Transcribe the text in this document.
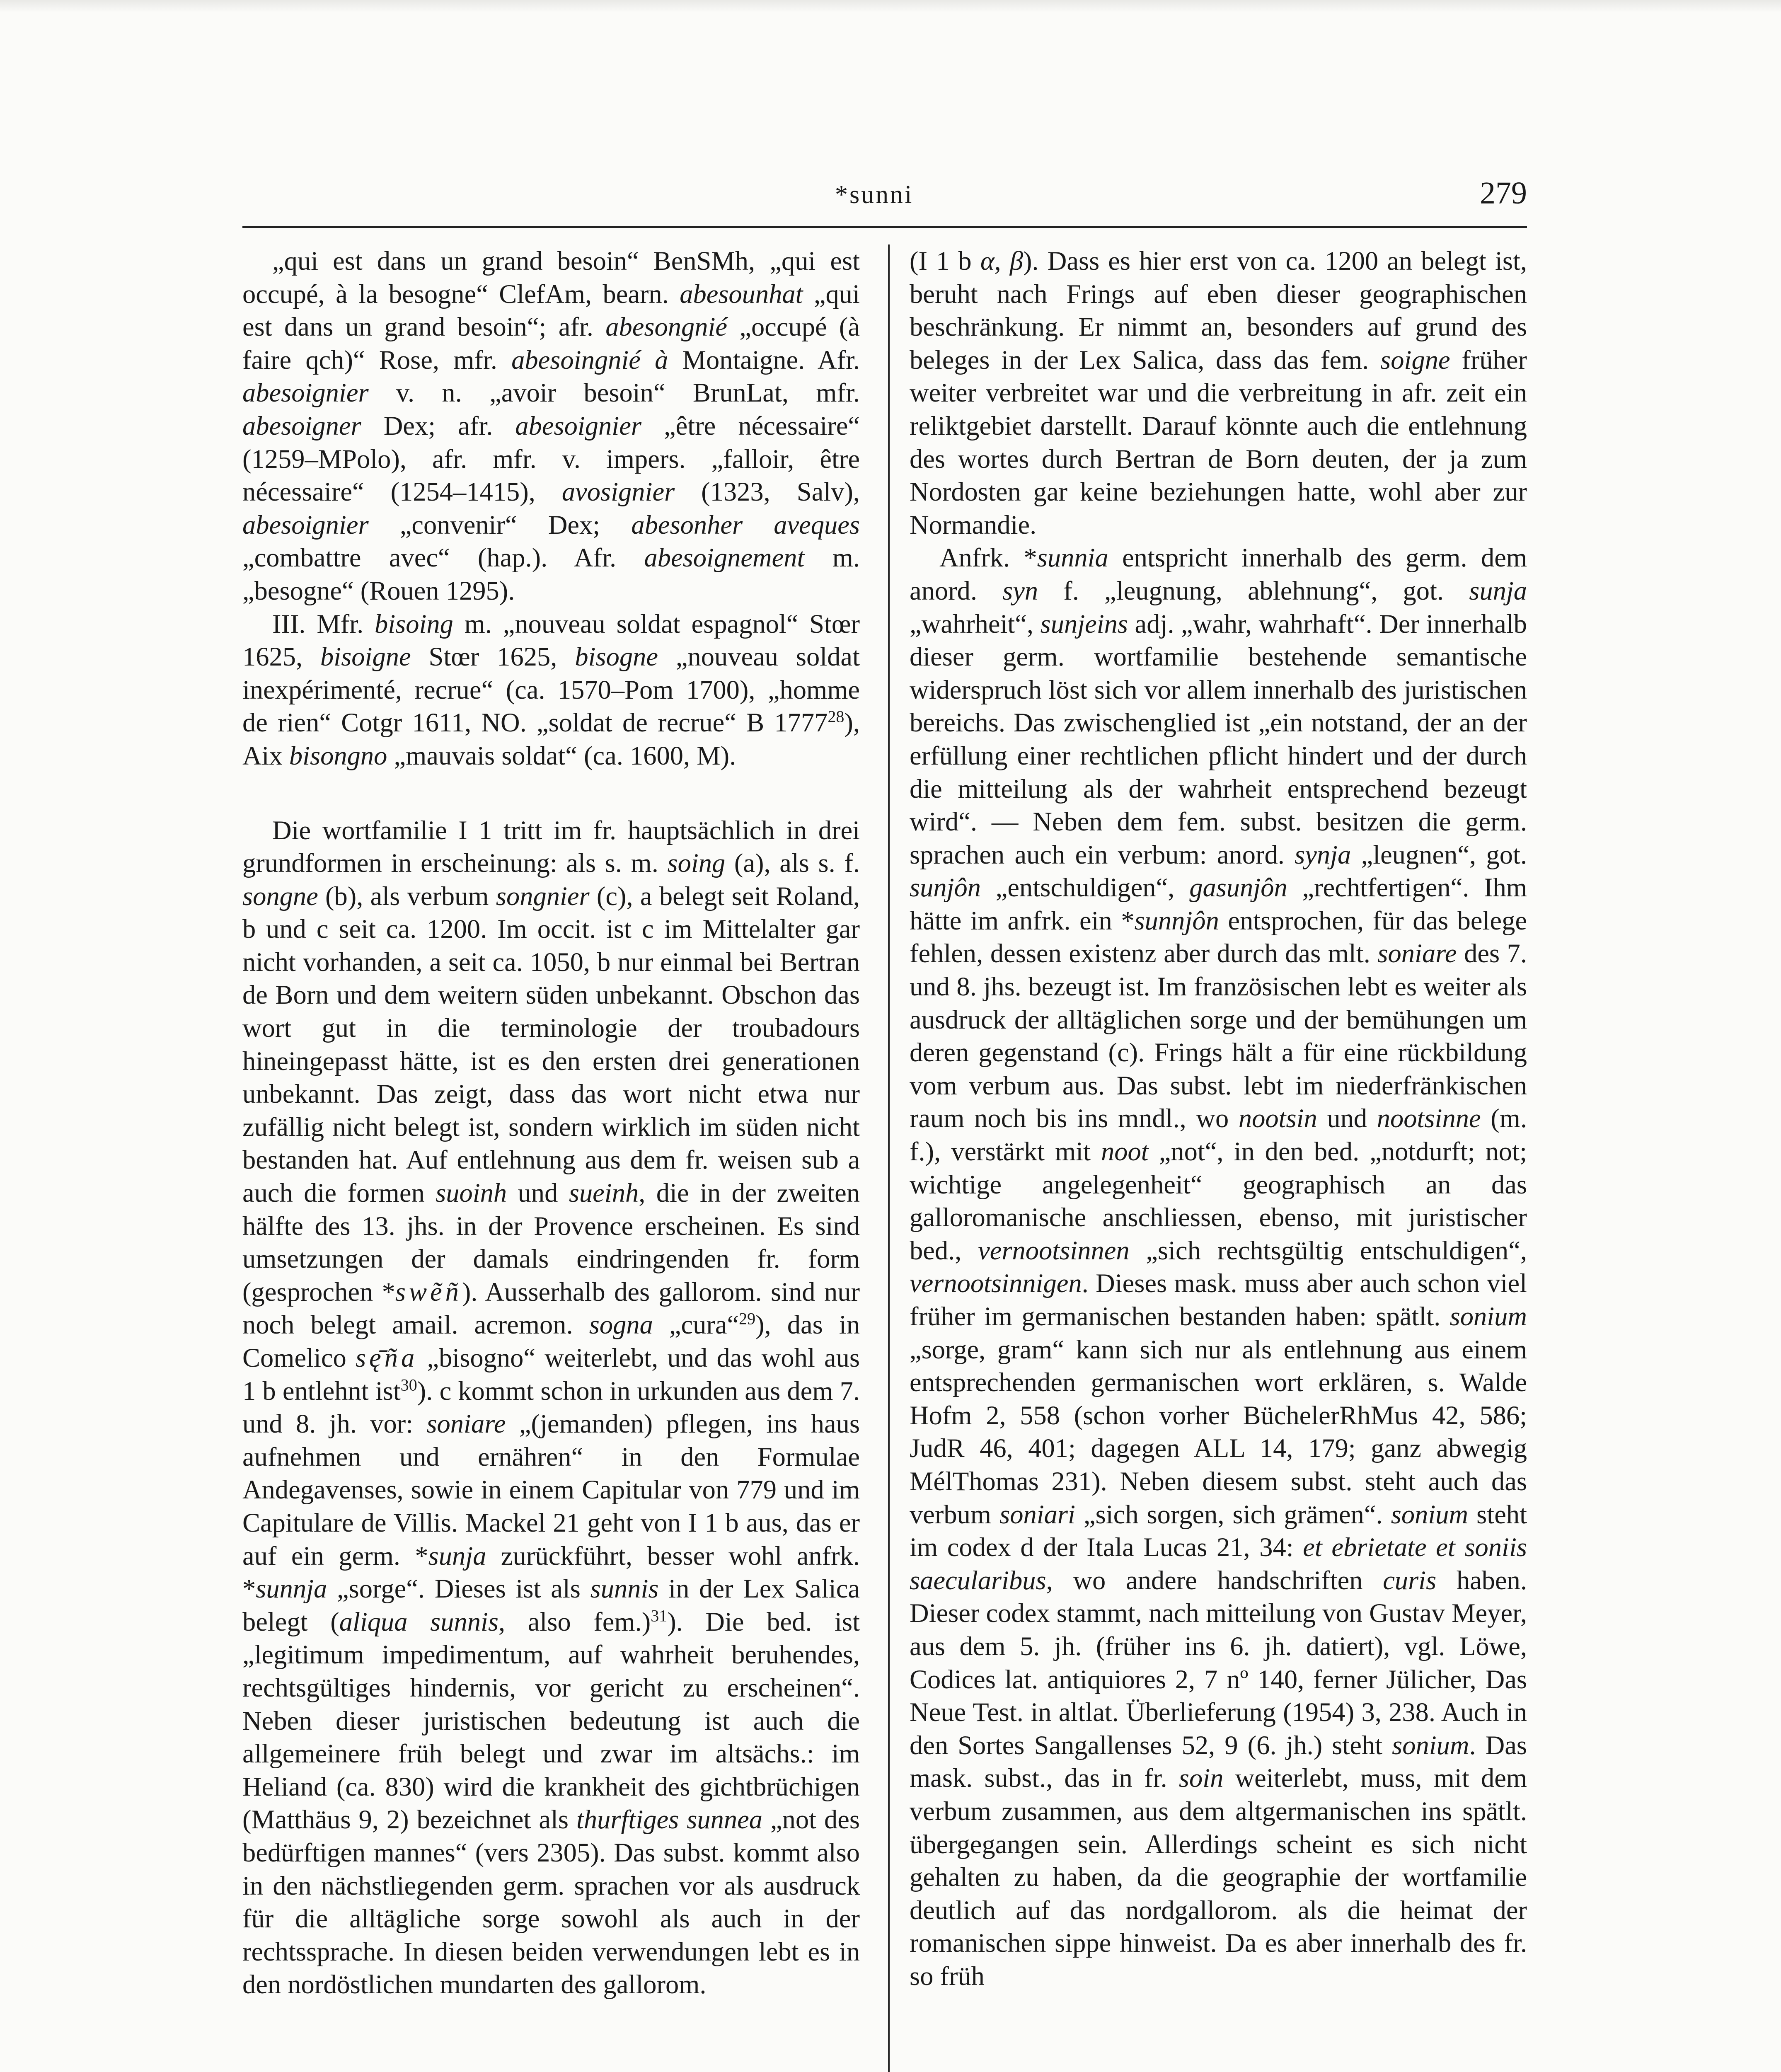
*sunni	279

„qui est dans un grand besoin“ BenSMh, „qui est occupé, à la besogne“ ClefAm, bearn. abesounhat „qui est dans un grand besoin“; afr. abesongnié „occupé (à faire qch)“ Rose, mfr. abesoingnié à Montaigne. Afr. abesoignier v. n. „avoir besoin“ BrunLat, mfr. abesoigner Dex; afr. abesoignier „être nécessaire“ (1259–MPolo), afr. mfr. v. impers. „falloir, être nécessaire“ (1254–1415), avosignier (1323, Salv), abesoignier „convenir“ Dex; abesonher aveques „combattre avec“ (hap.). Afr. abesoignement m. „besogne“ (Rouen 1295).

III. Mfr. bisoing m. „nouveau soldat espagnol“ Stœr 1625, bisoigne Stœr 1625, bisogne „nouveau soldat inexpérimenté, recrue“ (ca. 1570–Pom 1700), „homme de rien“ Cotgr 1611, NO. „soldat de recrue“ B 1777$^{28}$), Aix bisongno „mauvais soldat“ (ca. 1600, M).

Die wortfamilie I 1 tritt im fr. hauptsächlich in drei grundformen in erscheinung: als s. m. soing (a), als s. f. songne (b), als verbum songnier (c), a belegt seit Roland, b und c seit ca. 1200. Im occit. ist c im Mittelalter gar nicht vorhanden, a seit ca. 1050, b nur einmal bei Bertran de Born und dem weitern süden unbekannt. Obschon das wort gut in die terminologie der troubadours hineingepasst hätte, ist es den ersten drei generationen unbekannt. Das zeigt, dass das wort nicht etwa nur zufällig nicht belegt ist, sondern wirklich im süden nicht bestanden hat. Auf entlehnung aus dem fr. weisen sub a auch die formen suoinh und sueinh, die in der zweiten hälfte des 13. jhs. in der Provence erscheinen. Es sind umsetzungen der damals eindringenden fr. form (gesprochen *swẽñ). Ausserhalb des gallorom. sind nur noch belegt amail. acremon. sogna „cura“$^{29}$), das in Comelico sę̄ña „bisogno“ weiterlebt, und das wohl aus 1 b entlehnt ist$^{30}$). c kommt schon in urkunden aus dem 7. und 8. jh. vor: soniare „(jemanden) pflegen, ins haus aufnehmen und ernähren“ in den Formulae Andegavenses, sowie in einem Capitular von 779 und im Capitulare de Villis. Mackel 21 geht von I 1 b aus, das er auf ein germ. *sunja zurückführt, besser wohl anfrk. *sunnja „sorge“. Dieses ist als sunnis in der Lex Salica belegt (aliqua sunnis, also fem.)$^{31}$). Die bed. ist „legitimum impedimentum, auf wahrheit beruhendes, rechtsgültiges hindernis, vor gericht zu erscheinen“. Neben dieser juristischen bedeutung ist auch die allgemeinere früh belegt und zwar im altsächs.: im Heliand (ca. 830) wird die krankheit des gichtbrüchigen (Matthäus 9, 2) bezeichnet als thurftiges sunnea „not des bedürftigen mannes“ (vers 2305). Das subst. kommt also in den nächstliegenden germ. sprachen vor als ausdruck für die alltägliche sorge sowohl als auch in der rechtssprache. In diesen beiden verwendungen lebt es in den nordöstlichen mundarten des gallorom.

(I 1 b α, β). Dass es hier erst von ca. 1200 an belegt ist, beruht nach Frings auf eben dieser geographischen beschränkung. Er nimmt an, besonders auf grund des beleges in der Lex Salica, dass das fem. soigne früher weiter verbreitet war und die verbreitung in afr. zeit ein reliktgebiet darstellt. Darauf könnte auch die entlehnung des wortes durch Bertran de Born deuten, der ja zum Nordosten gar keine beziehungen hatte, wohl aber zur Normandie.

Anfrk. *sunnia entspricht innerhalb des germ. dem anord. syn f. „leugnung, ablehnung“, got. sunja „wahrheit“, sunjeins adj. „wahr, wahrhaft“. Der innerhalb dieser germ. wortfamilie bestehende semantische widerspruch löst sich vor allem innerhalb des juristischen bereichs. Das zwischenglied ist „ein notstand, der an der erfüllung einer rechtlichen pflicht hindert und der durch die mitteilung als der wahrheit entsprechend bezeugt wird“. — Neben dem fem. subst. besitzen die germ. sprachen auch ein verbum: anord. synja „leugnen“, got. sunjôn „entschuldigen“, gasunjôn „rechtfertigen“. Ihm hätte im anfrk. ein *sunnjôn entsprochen, für das belege fehlen, dessen existenz aber durch das mlt. soniare des 7. und 8. jhs. bezeugt ist. Im französischen lebt es weiter als ausdruck der alltäglichen sorge und der bemühungen um deren gegenstand (c). Frings hält a für eine rückbildung vom verbum aus. Das subst. lebt im niederfränkischen raum noch bis ins mndl., wo nootsin und nootsinne (m. f.), verstärkt mit noot „not“, in den bed. „notdurft; not; wichtige angelegenheit“ geographisch an das galloromanische anschliessen, ebenso, mit juristischer bed., vernootsinnen „sich rechtsgültig entschuldigen“, vernootsinnigen. Dieses mask. muss aber auch schon viel früher im germanischen bestanden haben: spätlt. sonium „sorge, gram“ kann sich nur als entlehnung aus einem entsprechenden germanischen wort erklären, s. Walde Hofm 2, 558 (schon vorher BüchelerRhMus 42, 586; JudR 46, 401; dagegen ALL 14, 179; ganz abwegig MélThomas 231). Neben diesem subst. steht auch das verbum soniari „sich sorgen, sich grämen“. sonium steht im codex d der Itala Lucas 21, 34: et ebrietate et soniis saecularibus, wo andere handschriften curis haben. Dieser codex stammt, nach mitteilung von Gustav Meyer, aus dem 5. jh. (früher ins 6. jh. datiert), vgl. Löwe, Codices lat. antiquiores 2, 7 nº 140, ferner Jülicher, Das Neue Test. in altlat. Überlieferung (1954) 3, 238. Auch in den Sortes Sangallenses 52, 9 (6. jh.) steht sonium. Das mask. subst., das in fr. soin weiterlebt, muss, mit dem verbum zusammen, aus dem altgermanischen ins spätlt. übergegangen sein. Allerdings scheint es sich nicht gehalten zu haben, da die geographie der wortfamilie deutlich auf das nordgallorom. als die heimat der romanischen sippe hinweist. Da es aber innerhalb des fr. so früh
